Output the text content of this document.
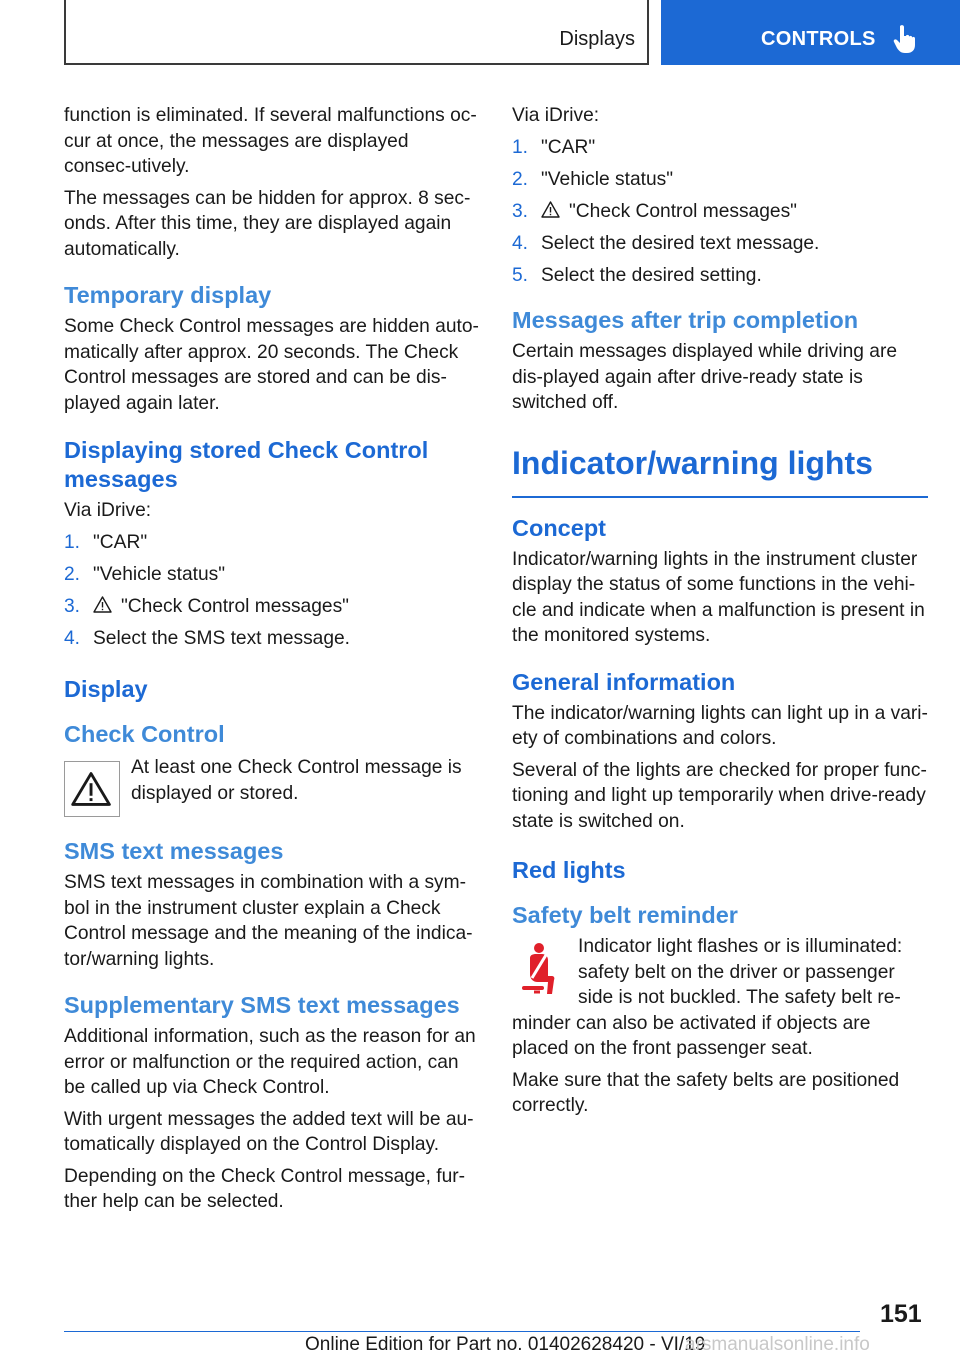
Displays	CONTROLS

function is eliminated. If several malfunctions oc-cur at once, the messages are displayed consec-utively.

The messages can be hidden for approx. 8 sec-onds. After this time, they are displayed again automatically.

Temporary display

Some Check Control messages are hidden auto-matically after approx. 20 seconds. The Check Control messages are stored and can be dis-played again later.

Displaying stored Check Control messages

Via iDrive:

1. "CAR"
2. "Vehicle status"
3. "Check Control messages"
4. Select the SMS text message.
Display
Check Control

At least one Check Control message is displayed or stored.

SMS text messages

SMS text messages in combination with a sym-bol in the instrument cluster explain a Check Control message and the meaning of the indica-tor/warning lights.

Supplementary SMS text messages

Additional information, such as the reason for an error or malfunction or the required action, can be called up via Check Control.

With urgent messages the added text will be au-tomatically displayed on the Control Display.

Depending on the Check Control message, fur-ther help can be selected.

Via iDrive:

1. "CAR"
2. "Vehicle status"
3. "Check Control messages"
4. Select the desired text message.
5. Select the desired setting.
Messages after trip completion

Certain messages displayed while driving are dis-played again after drive-ready state is switched off.

Indicator/warning lights
Concept

Indicator/warning lights in the instrument cluster display the status of some functions in the vehi-cle and indicate when a malfunction is present in the monitored systems.

General information

The indicator/warning lights can light up in a vari-ety of combinations and colors.

Several of the lights are checked for proper func-tioning and light up temporarily when drive-ready state is switched on.

Red lights
Safety belt reminder

Indicator light flashes or is illuminated: safety belt on the driver or passenger side is not buckled. The safety belt re-minder can also be activated if objects are placed on the front passenger seat.

Make sure that the safety belts are positioned correctly.

151
Online Edition for Part no. 01402628420 - VI/19
arsmanualsonline.info
